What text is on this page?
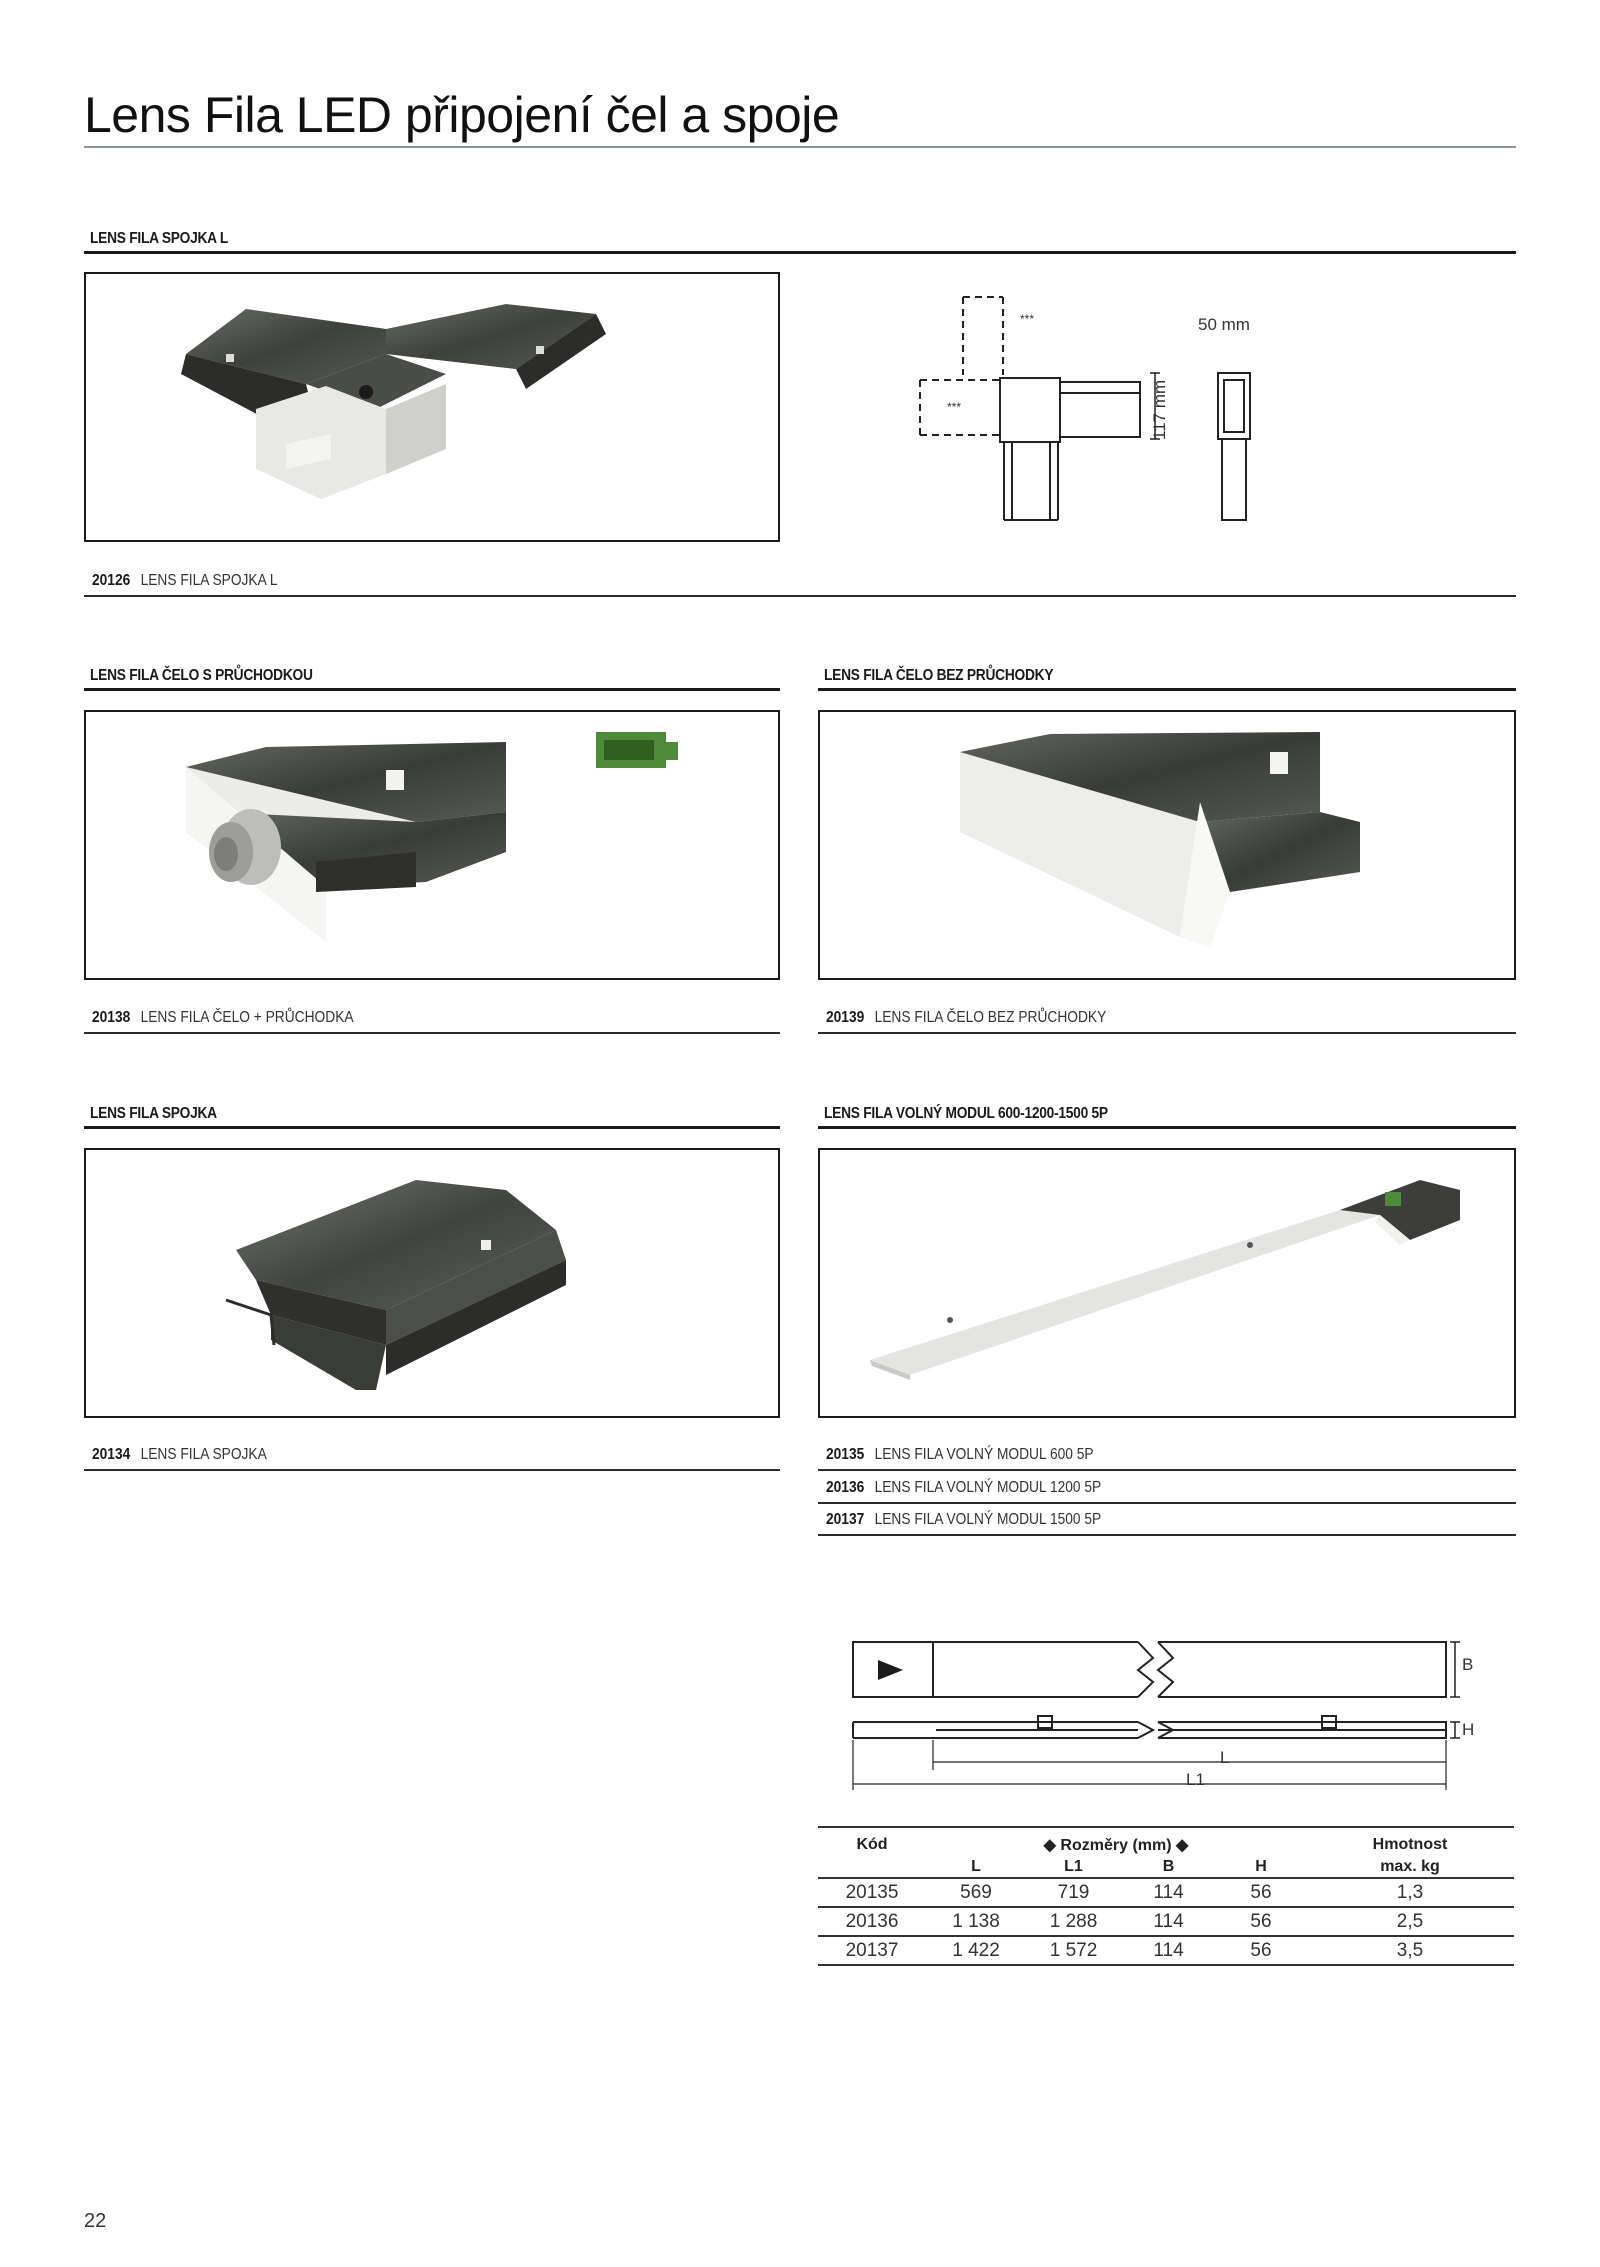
Lens Fila LED připojení čel a spoje
LENS FILA SPOJKA L
***
***
50 mm
117 mm
20126 LENS FILA SPOJKA L
LENS FILA ČELO S PRŮCHODKOU
20138 LENS FILA ČELO + PRŮCHODKA
LENS FILA ČELO BEZ PRŮCHODKY
20139 LENS FILA ČELO BEZ PRŮCHODKY
LENS FILA SPOJKA
20134 LENS FILA SPOJKA
LENS FILA VOLNÝ MODUL 600-1200-1500 5P
20135 LENS FILA VOLNÝ MODUL 600 5P
20136 LENS FILA VOLNÝ MODUL 1200 5P
20137 LENS FILA VOLNÝ MODUL 1500 5P
B
H
L
L1
Kód	◆ Rozměry (mm) ◆				Hmotnost
	L	L1	B	H	max. kg
20135	569	719	114	56	1,3
20136	1 138	1 288	114	56	2,5
20137	1 422	1 572	114	56	3,5
22
